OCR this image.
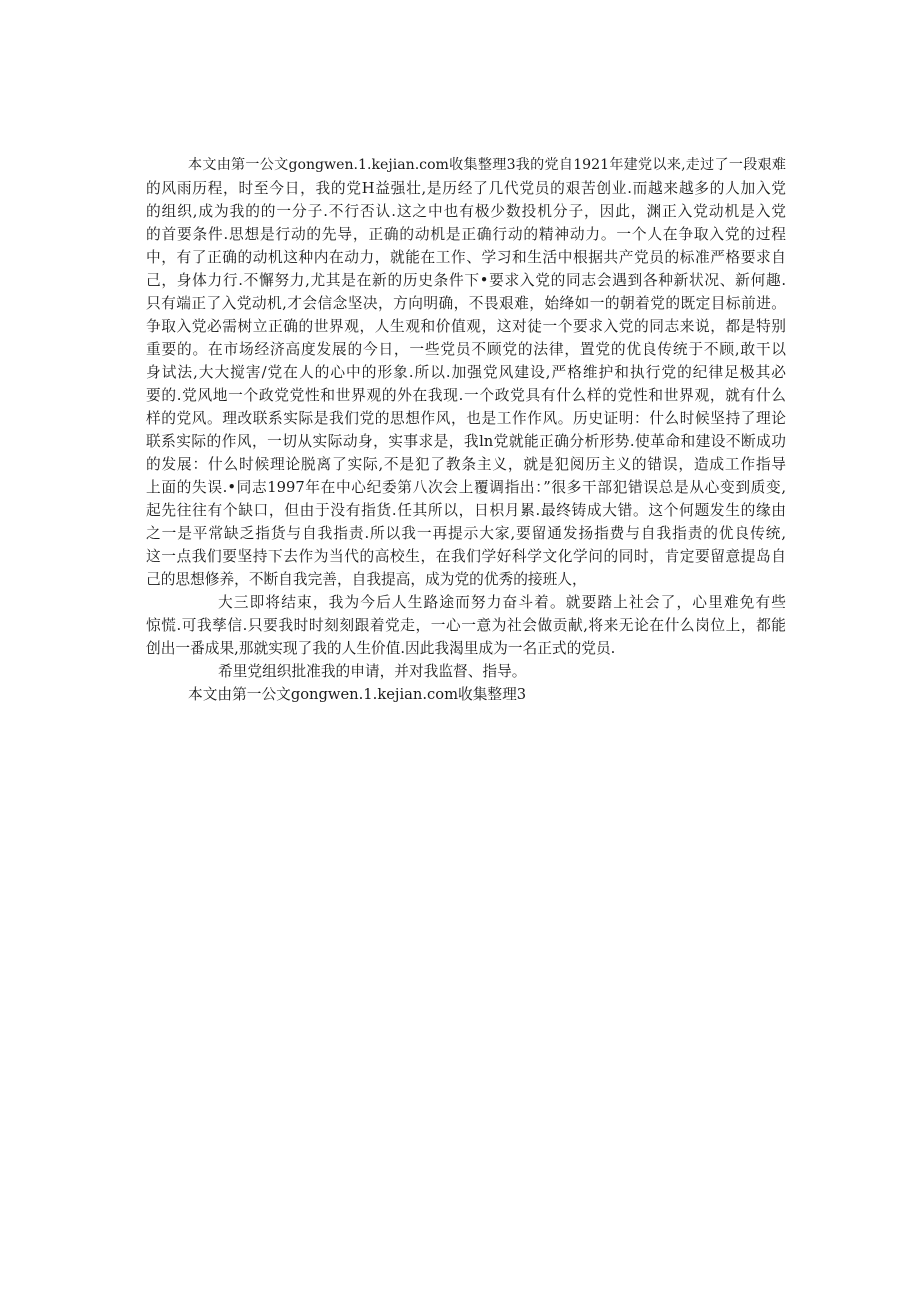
本文由第一公文gongwen.1.kejian.com收集整理3我的党自1921年建党以来,走过了一段艰难
的风雨历程，时至今日，我的党H益强壮,是历经了几代党员的艰苦创业.而越来越多的人加入党
的组织,成为我的的一分子.不行否认.这之中也有极少数投机分子，因此，渊正入党动机是入党
的首要条件.思想是行动的先导，正确的动机是正确行动的精神动力。一个人在争取入党的过程
中，有了正确的动机这种内在动力，就能在工作、学习和生活中根据共产党员的标准严格要求自
己，身体力行.不懈努力,尤其是在新的历史条件下•要求入党的同志会遇到各种新状况、新何趣.
只有端正了入党动机,才会信念坚决，方向明确，不畏艰难，始绛如一的朝着党的既定目标前进。
争取入党必需树立正确的世界观，人生观和价值观，这对徒一个要求入党的同志来说，都是特别
重要的。在市场经济高度发展的今日，一些党员不顾党的法律，置党的优良传统于不顾,敢干以
身试法,大大搅害/党在人的心中的形象.所以.加强党风建设,严格维护和执行党的纪律足极其必
要的.党风地一个政党党性和世界观的外在我现.一个政党具有什么样的党性和世界观，就有什么
样的党风。理改联系实际是我们党的思想作风，也是工作作风。历史证明：什么时候坚持了理论
联系实际的作风，一切从实际动身，实事求是，我ln党就能正确分析形势.使革命和建设不断成功
的发展：什么时候理论脱离了实际,不是犯了教条主义，就是犯阅历主义的错误，造成工作指导
上面的失误.•同志1997年在中心纪委第八次会上覆调指出：”很多干部犯错误总是从心变到质变,
起先往往有个缺口，但由于没有指货.任其所以，日枳月累.最终铸成大错。这个何题发生的缘由
之一是平常缺乏指货与自我指责.所以我一再提示大家,要留通发扬指费与自我指责的优良传统,
这一点我们要坚持下去作为当代的高校生，在我们学好科学文化学问的同时，肯定要留意提岛自
己的思想修养，不断自我完善，自我提高，成为党的优秀的接班人，
大三即将结束，我为今后人生路途而努力奋斗着。就要踏上社会了，心里难免有些
惊慌.可我孳信.只要我时时刻刻跟着党走，一心一意为社会做贡献,将来无论在什么岗位上，都能
创出一番成果,那就实现了我的人生价值.因此我渴里成为一名正式的党员.
希里党组织批准我的申请，并对我监督、指导。
本文由第一公文gongwen.1.kejian.com收集整理3
